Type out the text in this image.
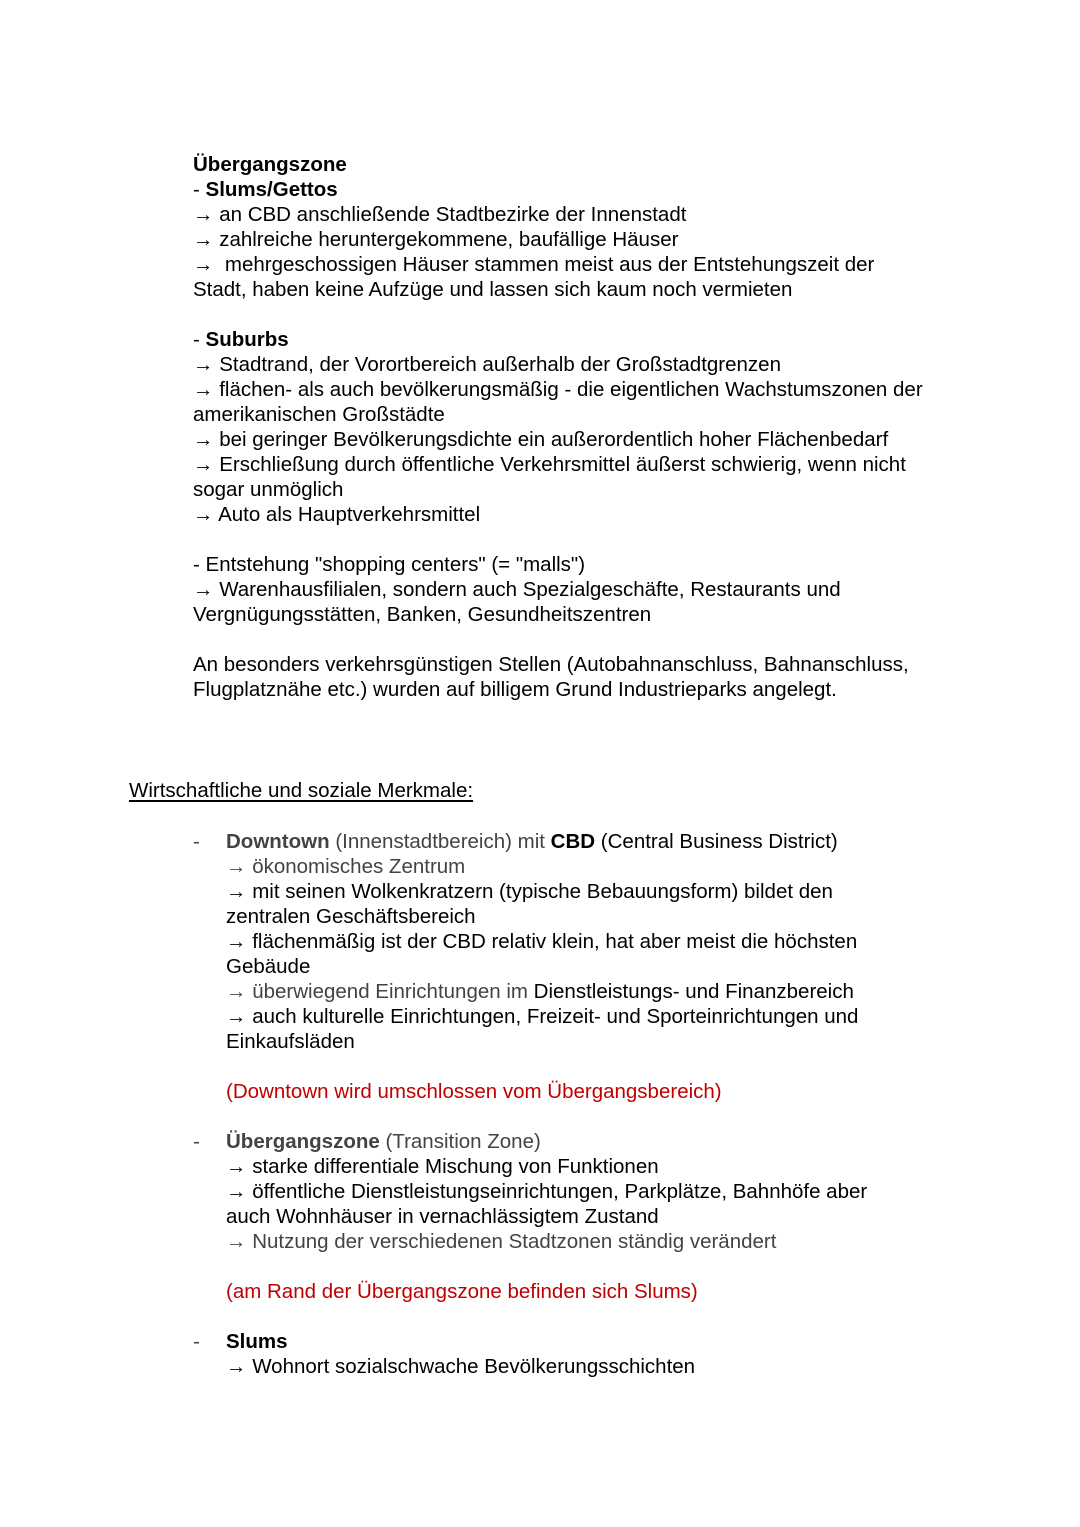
Übergangszone
- Slums/Gettos
→ an CBD anschließende Stadtbezirke der Innenstadt
→ zahlreiche heruntergekommene, baufällige Häuser
→  mehrgeschossigen Häuser stammen meist aus der Entstehungszeit der Stadt, haben keine Aufzüge und lassen sich kaum noch vermieten
- Suburbs
→ Stadtrand, der Vorortbereich außerhalb der Großstadtgrenzen
→ flächen- als auch bevölkerungsmäßig - die eigentlichen Wachstumszonen der amerikanischen Großstädte
→ bei geringer Bevölkerungsdichte ein außerordentlich hoher Flächenbedarf
→ Erschließung durch öffentliche Verkehrsmittel äußerst schwierig, wenn nicht sogar unmöglich
→ Auto als Hauptverkehrsmittel
- Entstehung "shopping centers" (= "malls")
→ Warenhausfilialen, sondern auch Spezialgeschäfte, Restaurants und Vergnügungsstätten, Banken, Gesundheitszentren
An besonders verkehrsgünstigen Stellen (Autobahnanschluss, Bahnanschluss, Flugplatznähe etc.) wurden auf billigem Grund Industrieparks angelegt.
Wirtschaftliche und soziale Merkmale:
-	Downtown (Innenstadtbereich) mit CBD (Central Business District)
→ ökonomisches Zentrum
→ mit seinen Wolkenkratzern (typische Bebauungsform) bildet den zentralen Geschäftsbereich
→ flächenmäßig ist der CBD relativ klein, hat aber meist die höchsten Gebäude
→ überwiegend Einrichtungen im Dienstleistungs- und Finanzbereich
→ auch kulturelle Einrichtungen, Freizeit- und Sporteinrichtungen und Einkaufsläden
(Downtown wird umschlossen vom Übergangsbereich)
-	Übergangszone (Transition Zone)
→ starke differentiale Mischung von Funktionen
→ öffentliche Dienstleistungseinrichtungen, Parkplätze, Bahnhöfe aber auch Wohnhäuser in vernachlässigtem Zustand
→ Nutzung der verschiedenen Stadtzonen ständig verändert
(am Rand der Übergangszone befinden sich Slums)
-	Slums
→ Wohnort sozialschwache Bevölkerungsschichten
